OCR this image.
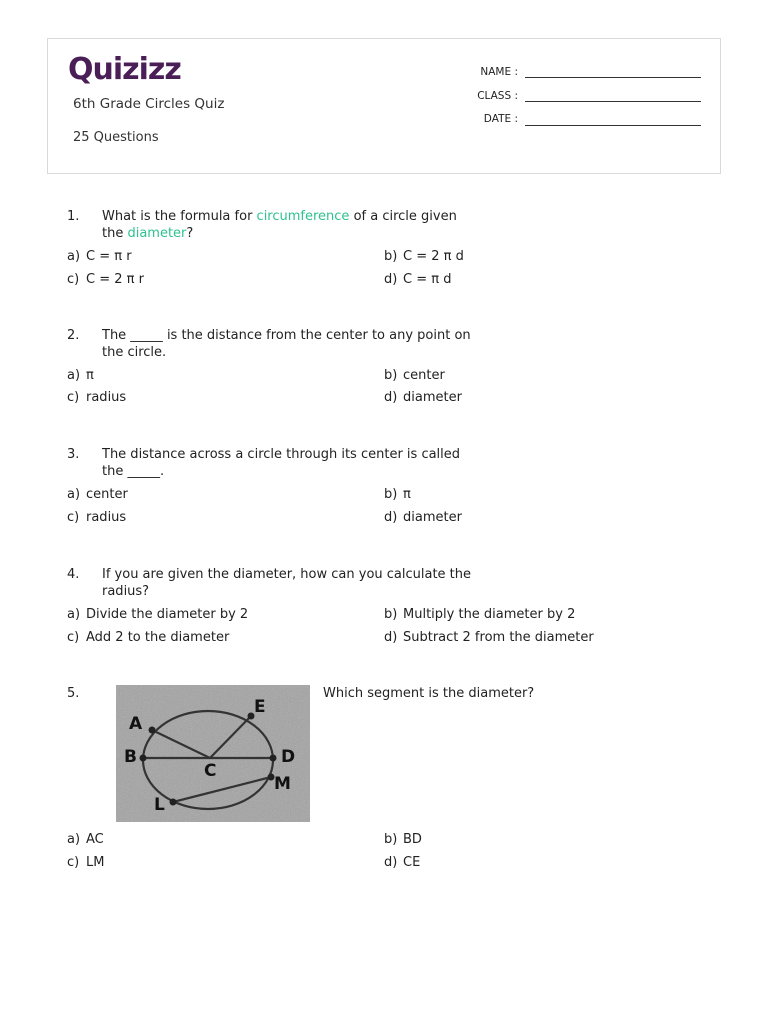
Quizizz
6th Grade Circles Quiz
25 Questions
NAME :
CLASS :
DATE :
1. What is the formula for circumference of a circle given the diameter?
a) C = π r	b) C = 2 π d
c) C = 2 π r	d) C = π d
2. The _____ is the distance from the center to any point on the circle.
a) π	b) center
c) radius	d) diameter
3. The distance across a circle through its center is called the _____.
a) center	b) π
c) radius	d) diameter
4. If you are given the diameter, how can you calculate the radius?
a) Divide the diameter by 2	b) Multiply the diameter by 2
c) Add 2 to the diameter	d) Subtract 2 from the diameter
5.	Which segment is the diameter?
a) AC	b) BD
c) LM	d) CE
A
B
C
D
E
L
M
